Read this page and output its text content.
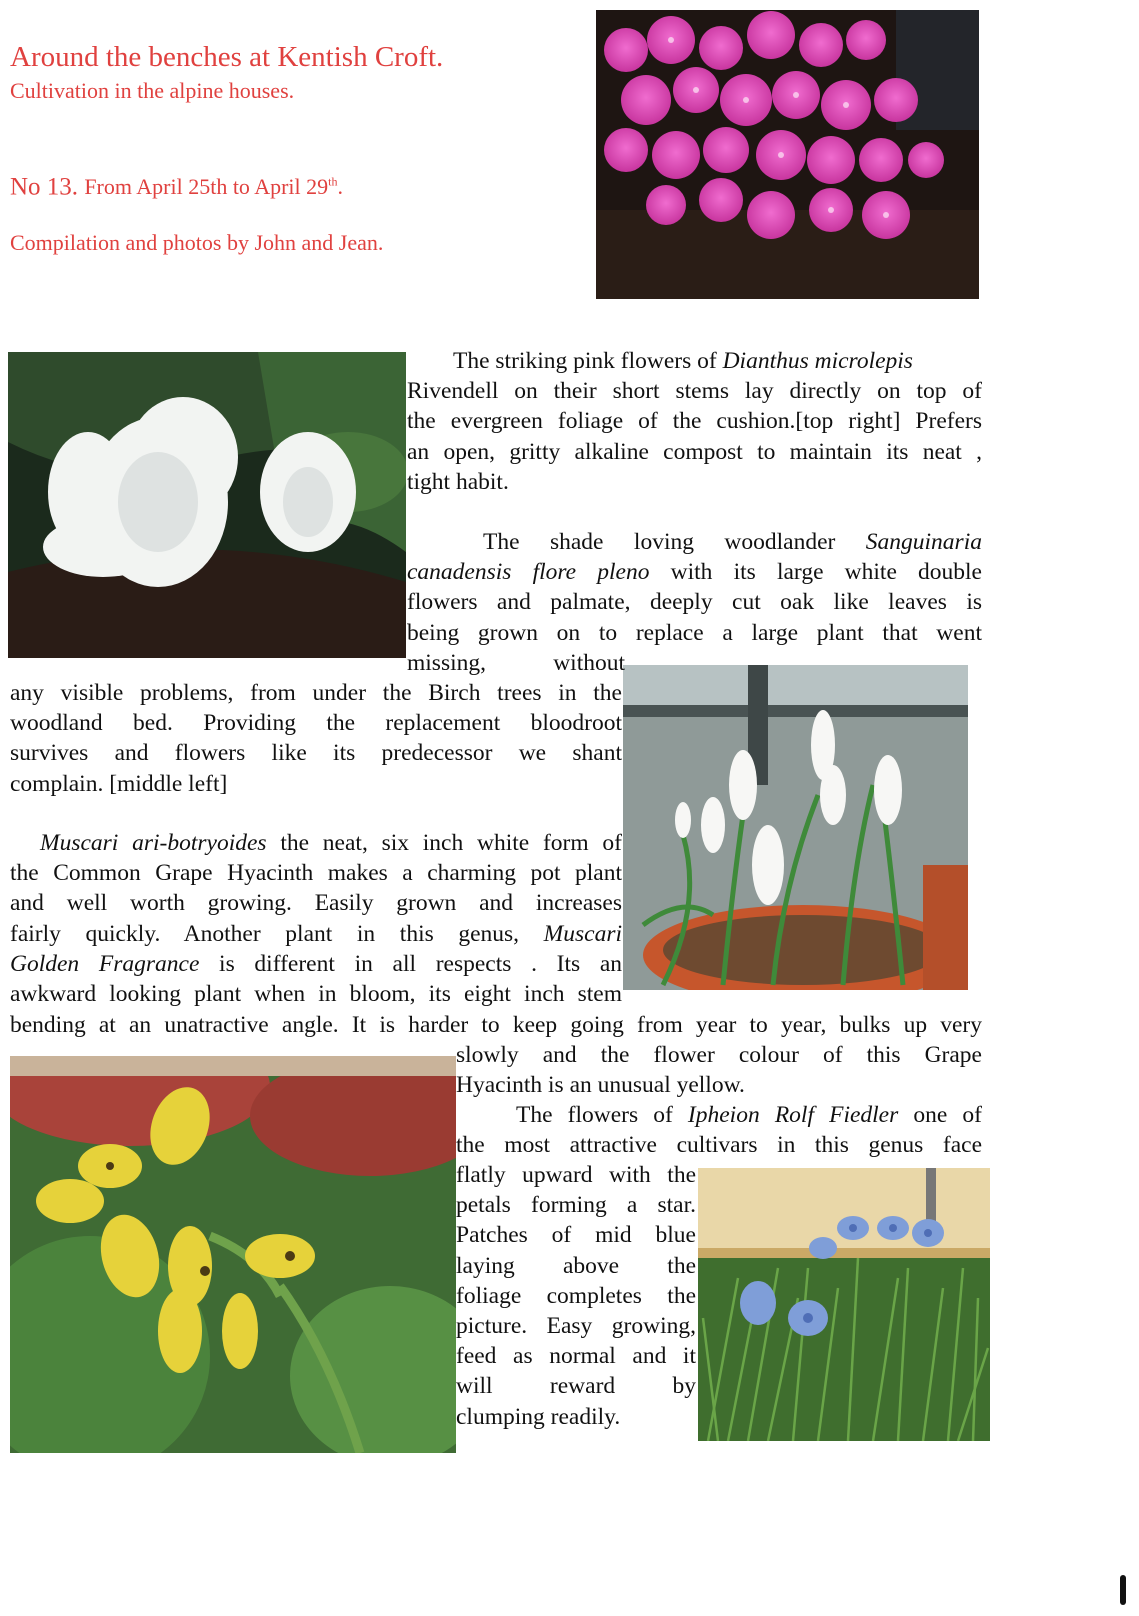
Around the benches at Kentish Croft.
Cultivation in the alpine houses.
No 13. From April 25th to April 29th.
Compilation and photos by John and Jean.
The striking pink flowers of Dianthus microlepis
Rivendell on their short stems lay directly on top of
the evergreen foliage of the cushion.[top right] Prefers
an open, gritty alkaline compost to maintain its neat ,
tight habit.
The shade loving woodlander Sanguinaria
canadensis flore pleno with its large white double
flowers and palmate, deeply cut oak like leaves is
being grown on to replace a large plant that went
missing, without
any visible problems, from under the Birch trees in the
woodland bed. Providing the replacement bloodroot
survives and flowers like its predecessor we shant
complain. [middle left]
Muscari ari-botryoides the neat, six inch white form of
the Common Grape Hyacinth makes a charming pot plant
and well worth growing. Easily grown and increases
fairly quickly. Another plant in this genus, Muscari
Golden Fragrance is different in all respects . Its an
awkward looking plant when in bloom, its eight inch stem
bending at an unatractive angle. It is harder to keep going from year to year, bulks up very
slowly and the flower colour of this Grape
Hyacinth is an unusual yellow.
The flowers of Ipheion Rolf Fiedler one of
the most attractive cultivars in this genus face
flatly upward with the
petals forming a star.
Patches of mid blue
laying above the
foliage completes the
picture. Easy growing,
feed as normal and it
will reward by
clumping readily.
